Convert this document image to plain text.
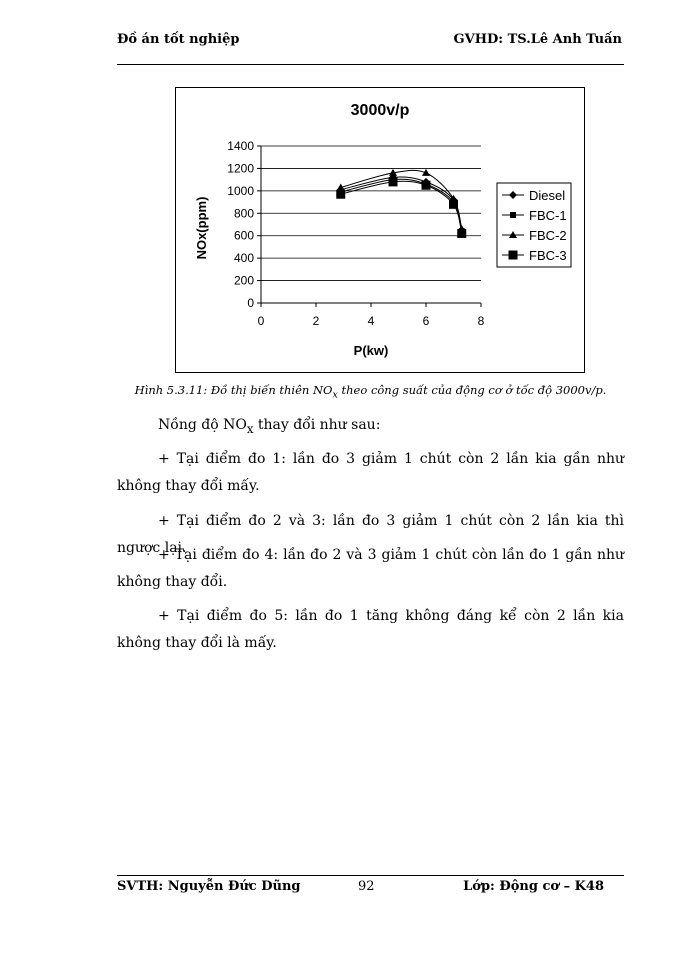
Đồ án tốt nghiệp	GVHD: TS.Lê Anh Tuấn
3000v/p
0
200
400
600
800
1000
1200
1400
0	2	4	6	8
Diesel
FBC-1
FBC-2
FBC-3
P(kw)
NOx(ppm)
Hình 5.3.11: Đồ thị biến thiên $NO_x$ theo công suất của động cơ ở tốc độ 3000v/p.
Nồng độ $NO_x$ thay đổi như sau:
+ Tại điểm đo 1: lần đo 3 giảm 1 chút còn 2 lần kia gần như không thay đổi mấy.
+ Tại điểm đo 2 và 3: lần đo 3 giảm 1 chút còn 2 lần kia thì ngược lại.
+ Tại điểm đo 4: lần đo 2 và 3 giảm 1 chút còn lần đo 1 gần như không thay đổi.
+ Tại điểm đo 5: lần đo 1 tăng không đáng kể còn 2 lần kia không thay đổi là mấy.
SVTH: Nguyễn Đức Dũng	92	Lớp: Động cơ – K48
